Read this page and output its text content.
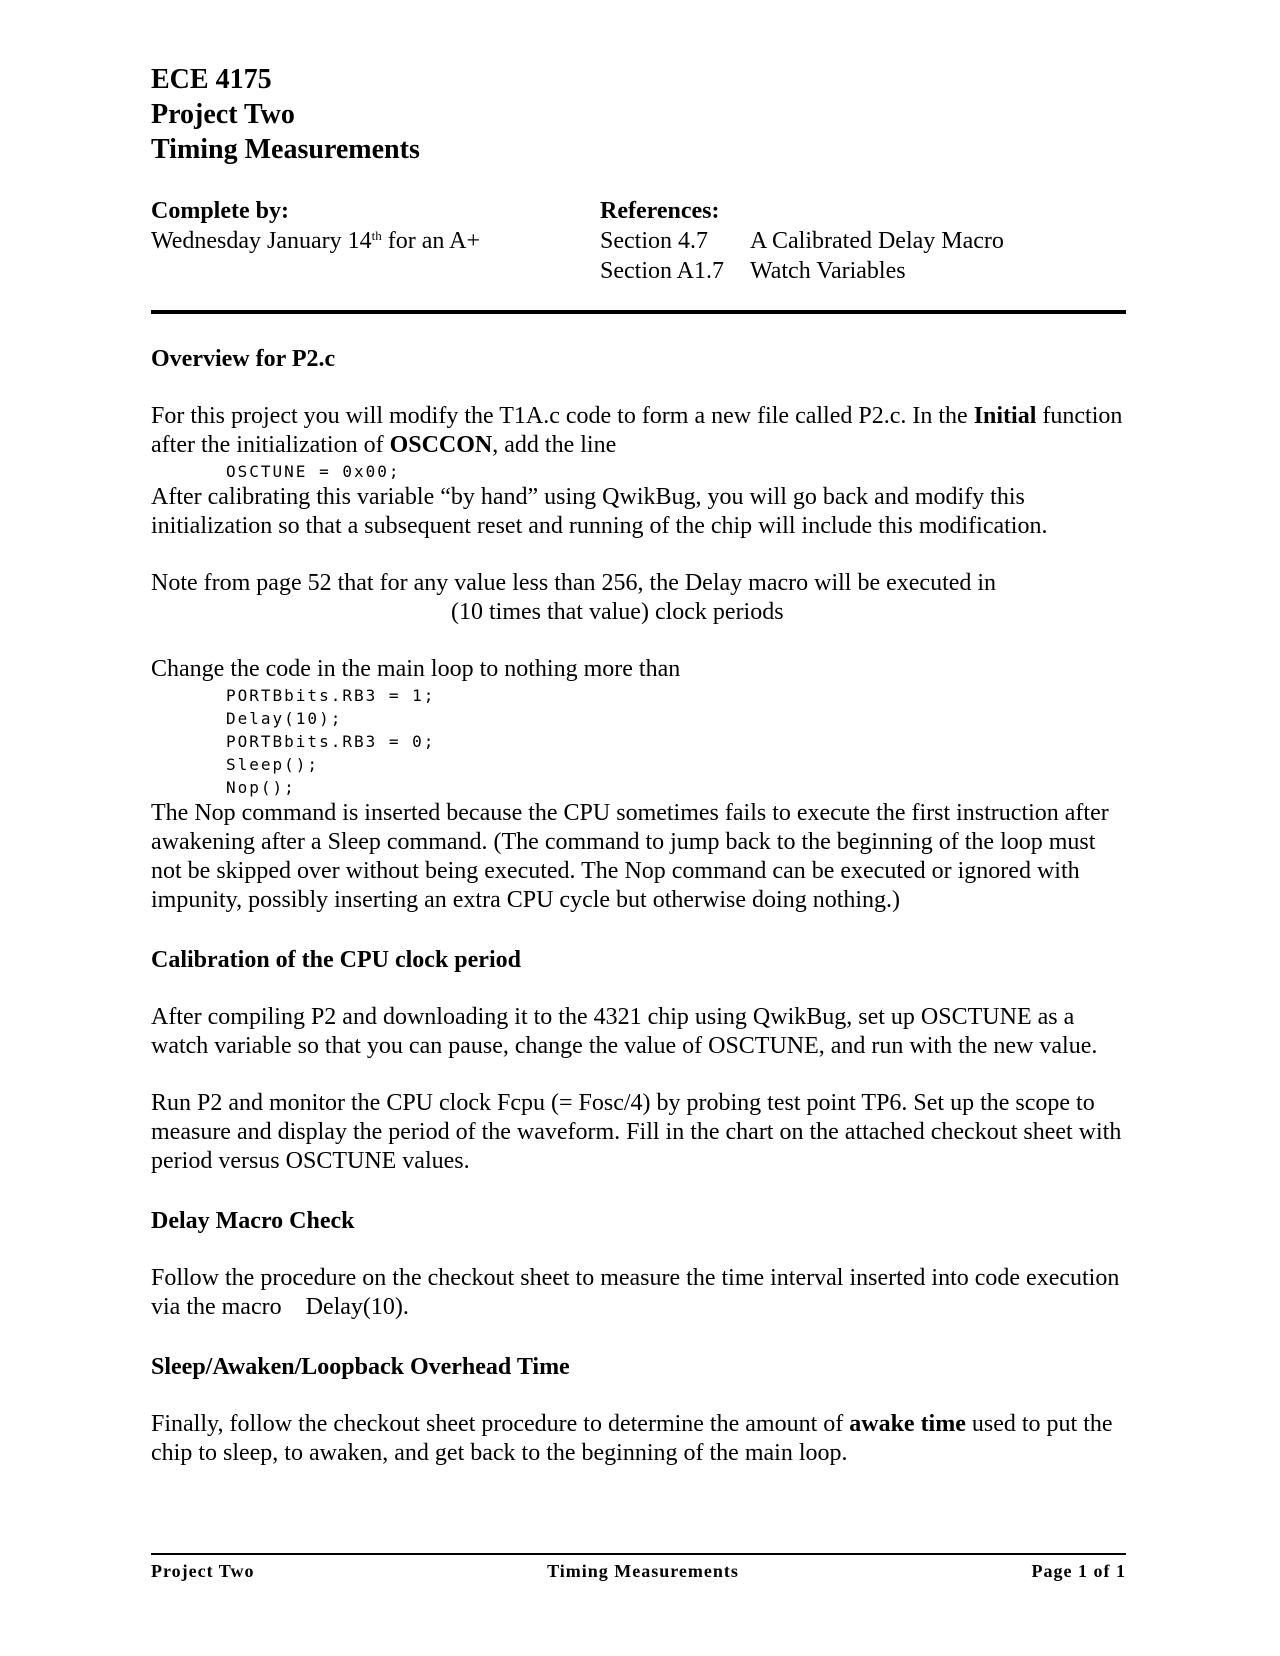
ECE 4175
Project Two
Timing Measurements
Complete by:
Wednesday January 14th for an A+
References:
Section 4.7	A Calibrated Delay Macro
Section A1.7	Watch Variables
Overview for P2.c

For this project you will modify the T1A.c code to form a new file called P2.c. In the Initial function after the initialization of OSCCON, add the line

OSCTUNE = 0x00;

After calibrating this variable “by hand” using QwikBug, you will go back and modify this initialization so that a subsequent reset and running of the chip will include this modification.

Note from page 52 that for any value less than 256, the Delay macro will be executed in

(10 times that value) clock periods

Change the code in the main loop to nothing more than

PORTBbits.RB3 = 1;
Delay(10);
PORTBbits.RB3 = 0;
Sleep();
Nop();

The Nop command is inserted because the CPU sometimes fails to execute the first instruction after awakening after a Sleep command. (The command to jump back to the beginning of the loop must not be skipped over without being executed. The Nop command can be executed or ignored with impunity, possibly inserting an extra CPU cycle but otherwise doing nothing.)

Calibration of the CPU clock period

After compiling P2 and downloading it to the 4321 chip using QwikBug, set up OSCTUNE as a watch variable so that you can pause, change the value of OSCTUNE, and run with the new value.

Run P2 and monitor the CPU clock Fcpu (= Fosc/4) by probing test point TP6. Set up the scope to measure and display the period of the waveform. Fill in the chart on the attached checkout sheet with period versus OSCTUNE values.

Delay Macro Check

Follow the procedure on the checkout sheet to measure the time interval inserted into code execution via the macro    Delay(10).

Sleep/Awaken/Loopback Overhead Time

Finally, follow the checkout sheet procedure to determine the amount of awake time used to put the chip to sleep, to awaken, and get back to the beginning of the main loop.

Project Two	Timing Measurements	Page 1 of 1
